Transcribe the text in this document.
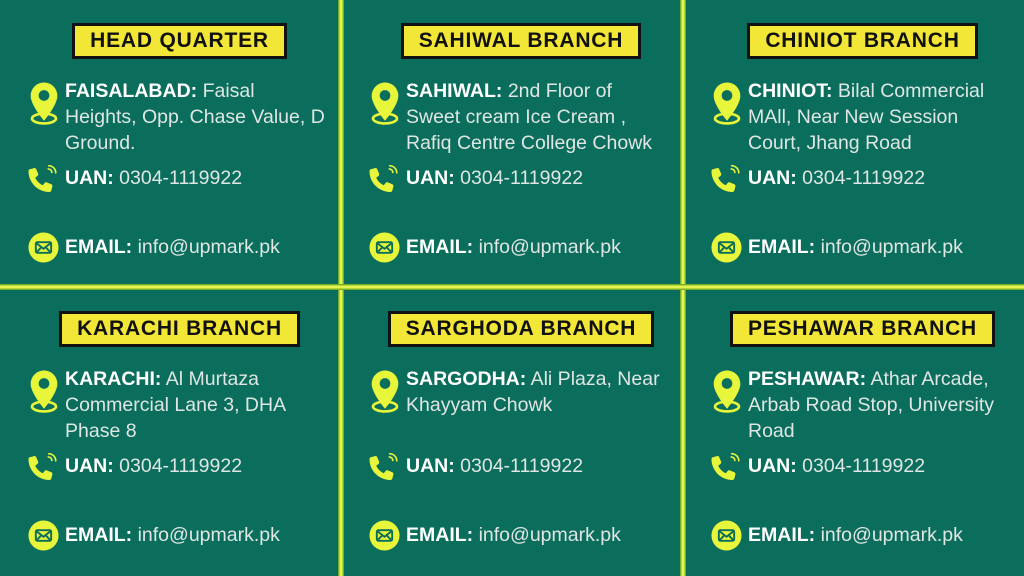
HEAD QUARTER
FAISALABAD: Faisal Heights, Opp. Chase Value, D Ground.
UAN: 0304-1119922
EMAIL: info@upmark.pk
SAHIWAL BRANCH
SAHIWAL: 2nd Floor of Sweet cream Ice Cream , Rafiq Centre College Chowk
UAN: 0304-1119922
EMAIL: info@upmark.pk
CHINIOT BRANCH
CHINIOT: Bilal Commercial MAll, Near New Session Court, Jhang Road
UAN: 0304-1119922
EMAIL: info@upmark.pk
KARACHI BRANCH
KARACHI: Al Murtaza Commercial Lane 3, DHA Phase 8
UAN: 0304-1119922
EMAIL: info@upmark.pk
SARGHODA BRANCH
SARGODHA: Ali Plaza, Near Khayyam Chowk
UAN: 0304-1119922
EMAIL: info@upmark.pk
PESHAWAR BRANCH
PESHAWAR: Athar Arcade, Arbab Road Stop, University Road
UAN: 0304-1119922
EMAIL: info@upmark.pk
